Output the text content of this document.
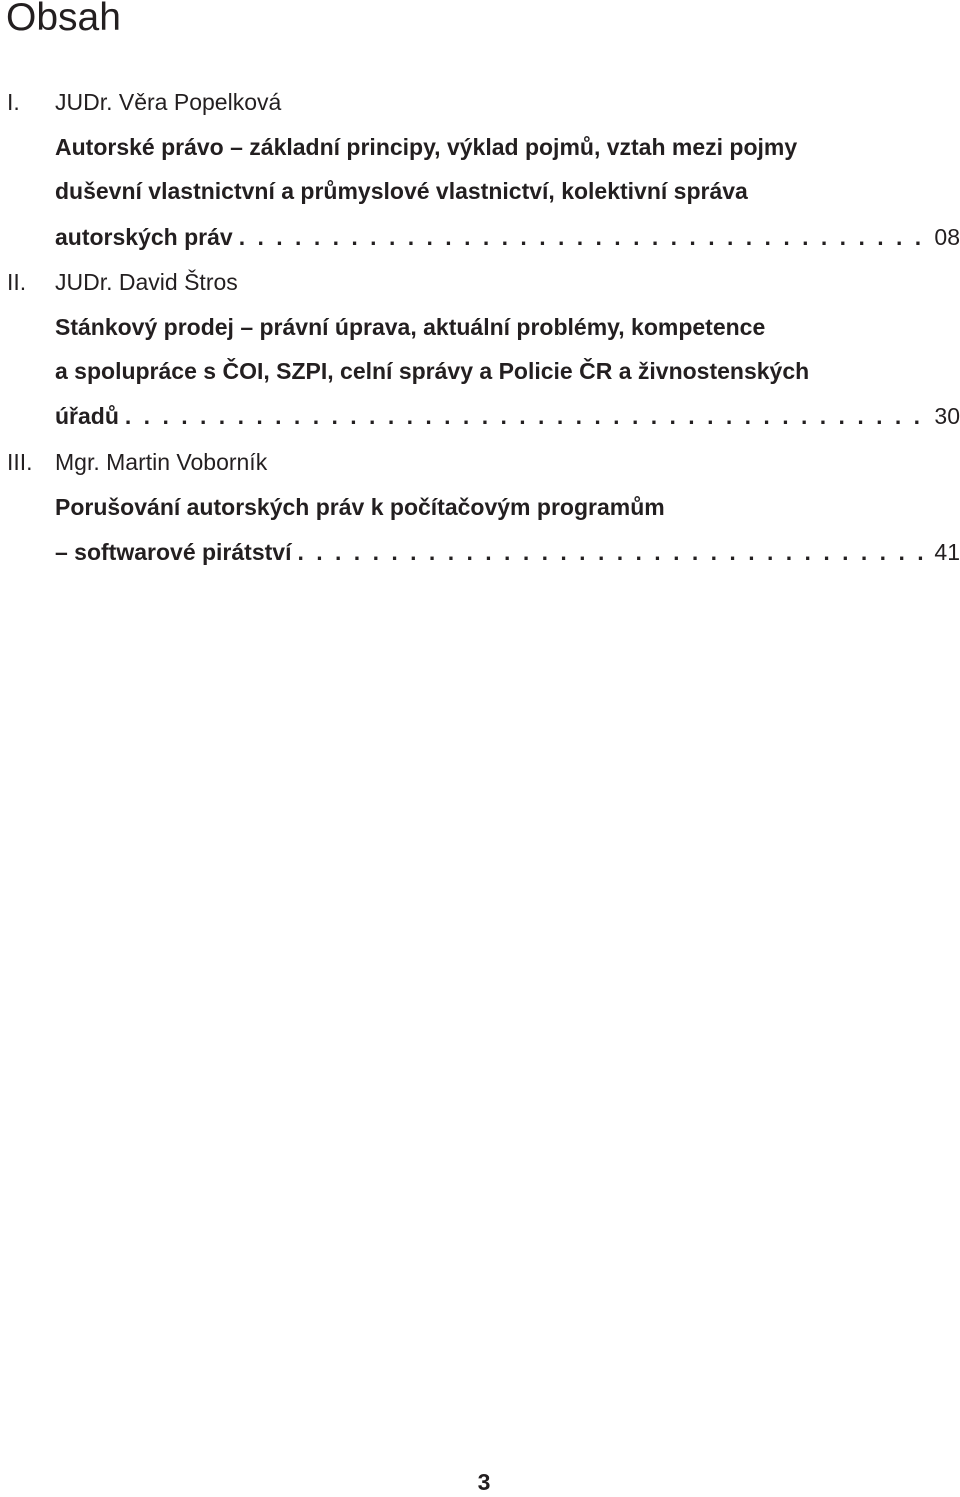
Obsah
I.	JUDr. Věra Popelková
Autorské právo – základní principy, výklad pojmů, vztah mezi pojmy
duševní vlastnictvní a průmyslové vlastnictví, kolektivní správa
autorských práv . . .	08
II.	JUDr. David Štros
Stánkový prodej – právní úprava, aktuální problémy, kompetence
a spolupráce s ČOI, SZPI, celní správy a Policie ČR a živnostenských
úřadů . . .	30
III. Mgr. Martin Voborník
Porušování autorských práv k počítačovým programům
– softwarové pirátství . . .	41
3
